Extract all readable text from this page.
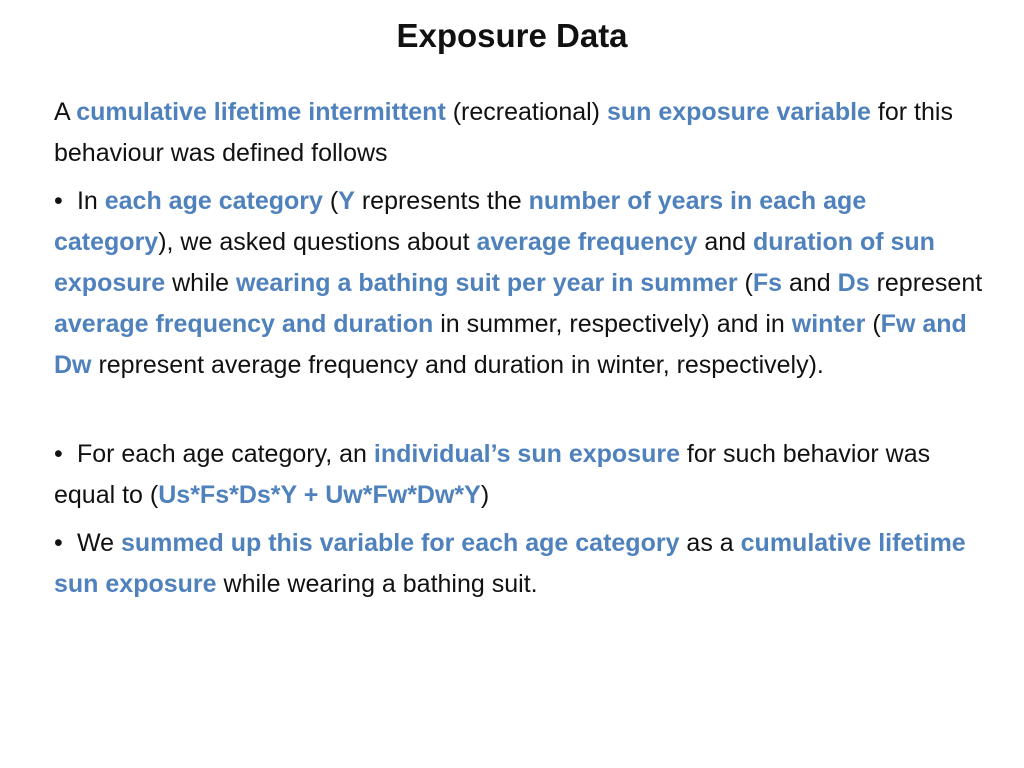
Exposure Data

A cumulative lifetime intermittent (recreational) sun exposure variable for this behaviour was defined follows

• In each age category (Y represents the number of years in each age category), we asked questions about average frequency and duration of sun exposure while wearing a bathing suit per year in summer (Fs and Ds represent average frequency and duration in summer, respectively) and in winter (Fw and Dw represent average frequency and duration in winter, respectively).

• For each age category, an individual’s sun exposure for such behavior was equal to (Us*Fs*Ds*Y + Uw*Fw*Dw*Y)

• We summed up this variable for each age category as a cumulative lifetime sun exposure while wearing a bathing suit.
